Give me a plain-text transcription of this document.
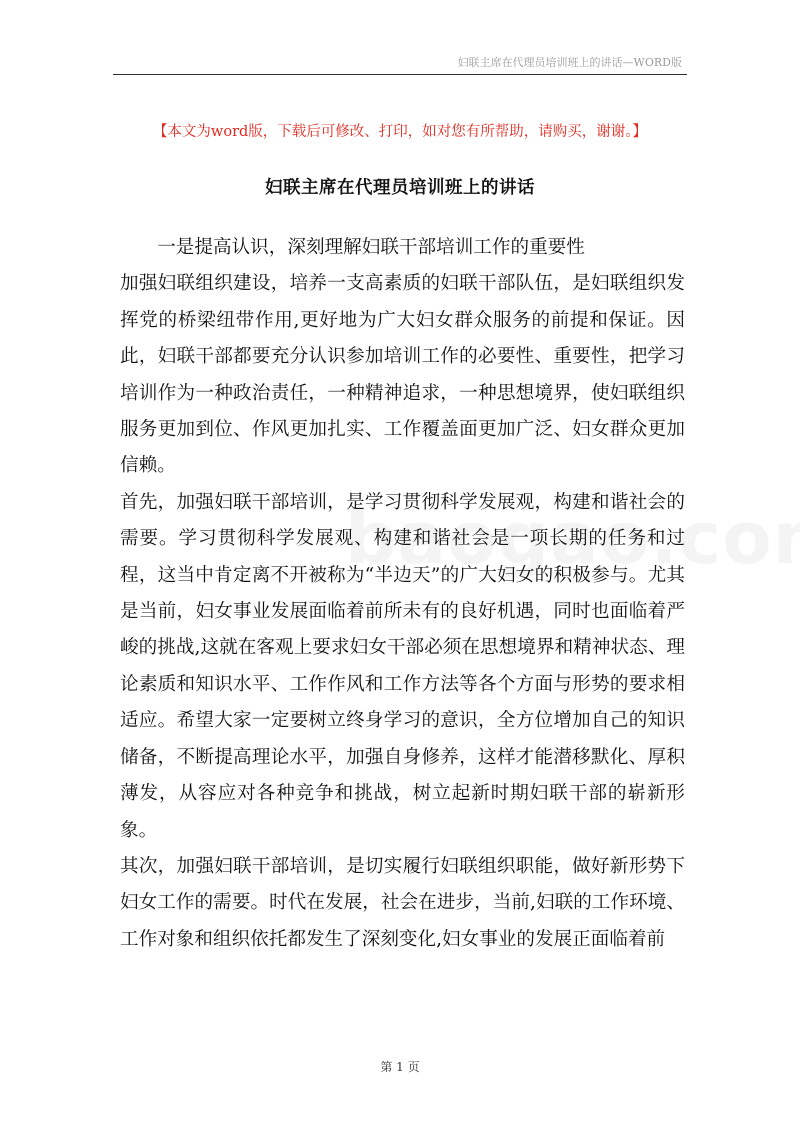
妇联主席在代理员培训班上的讲话—WORD版
【本文为word版，下载后可修改、打印，如对您有所帮助，请购买，谢谢。】
妇联主席在代理员培训班上的讲话

一是提高认识，深刻理解妇联干部培训工作的重要性

加强妇联组织建设，培养一支高素质的妇联干部队伍，是妇联组织发挥党的桥梁纽带作用,更好地为广大妇女群众服务的前提和保证。因此，妇联干部都要充分认识参加培训工作的必要性、重要性，把学习培训作为一种政治责任，一种精神追求，一种思想境界，使妇联组织服务更加到位、作风更加扎实、工作覆盖面更加广泛、妇女群众更加信赖。

首先，加强妇联干部培训，是学习贯彻科学发展观，构建和谐社会的需要。学习贯彻科学发展观、构建和谐社会是一项长期的任务和过程，这当中肯定离不开被称为“半边天”的广大妇女的积极参与。尤其是当前，妇女事业发展面临着前所未有的良好机遇，同时也面临着严峻的挑战,这就在客观上要求妇女干部必须在思想境界和精神状态、理论素质和知识水平、工作作风和工作方法等各个方面与形势的要求相适应。希望大家一定要树立终身学习的意识，全方位增加自己的知识储备，不断提高理论水平，加强自身修养，这样才能潜移默化、厚积薄发，从容应对各种竞争和挑战，树立起新时期妇联干部的崭新形象。

其次，加强妇联干部培训，是切实履行妇联组织职能，做好新形势下妇女工作的需要。时代在发展，社会在进步，当前,妇联的工作环境、工作对象和组织依托都发生了深刻变化,妇女事业的发展正面临着前

第 1 页
